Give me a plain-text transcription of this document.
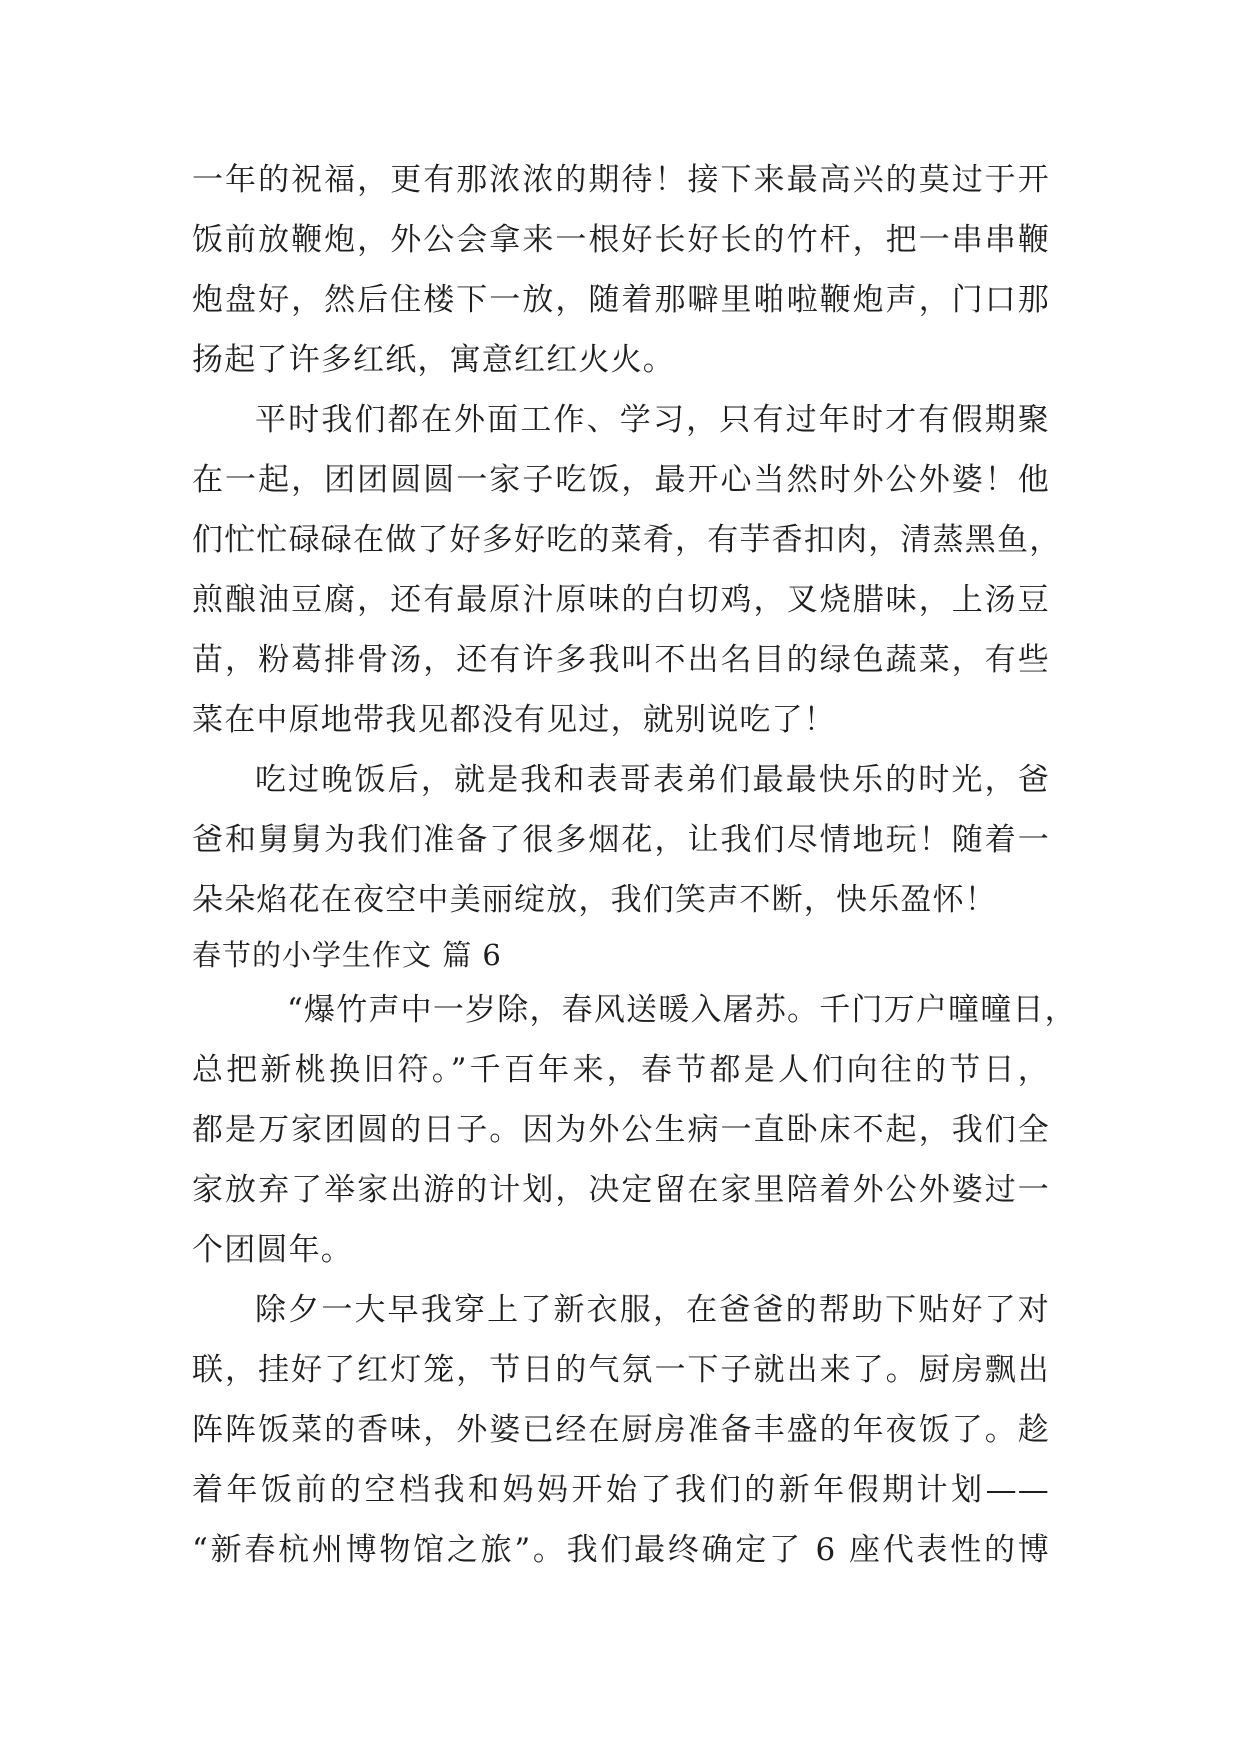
一年的祝福，更有那浓浓的期待！接下来最高兴的莫过于开
饭前放鞭炮，外公会拿来一根好长好长的竹杆，把一串串鞭
炮盘好，然后住楼下一放，随着那噼里啪啦鞭炮声，门口那
扬起了许多红纸，寓意红红火火。
平时我们都在外面工作、学习，只有过年时才有假期聚
在一起，团团圆圆一家子吃饭，最开心当然时外公外婆！他
们忙忙碌碌在做了好多好吃的菜肴，有芋香扣肉，清蒸黑鱼，
煎酿油豆腐，还有最原汁原味的白切鸡，叉烧腊味，上汤豆
苗，粉葛排骨汤，还有许多我叫不出名目的绿色蔬菜，有些
菜在中原地带我见都没有见过，就别说吃了！
吃过晚饭后，就是我和表哥表弟们最最快乐的时光，爸
爸和舅舅为我们准备了很多烟花，让我们尽情地玩！随着一
朵朵焰花在夜空中美丽绽放，我们笑声不断，快乐盈怀！
春节的小学生作文 篇 6
“爆竹声中一岁除，春风送暖入屠苏。千门万户曈曈日，
总把新桃换旧符。”千百年来，春节都是人们向往的节日，
都是万家团圆的日子。因为外公生病一直卧床不起，我们全
家放弃了举家出游的计划，决定留在家里陪着外公外婆过一
个团圆年。
除夕一大早我穿上了新衣服，在爸爸的帮助下贴好了对
联，挂好了红灯笼，节日的气氛一下子就出来了。厨房飘出
阵阵饭菜的香味，外婆已经在厨房准备丰盛的年夜饭了。趁
着年饭前的空档我和妈妈开始了我们的新年假期计划——
“新春杭州博物馆之旅”。我们最终确定了 6 座代表性的博
